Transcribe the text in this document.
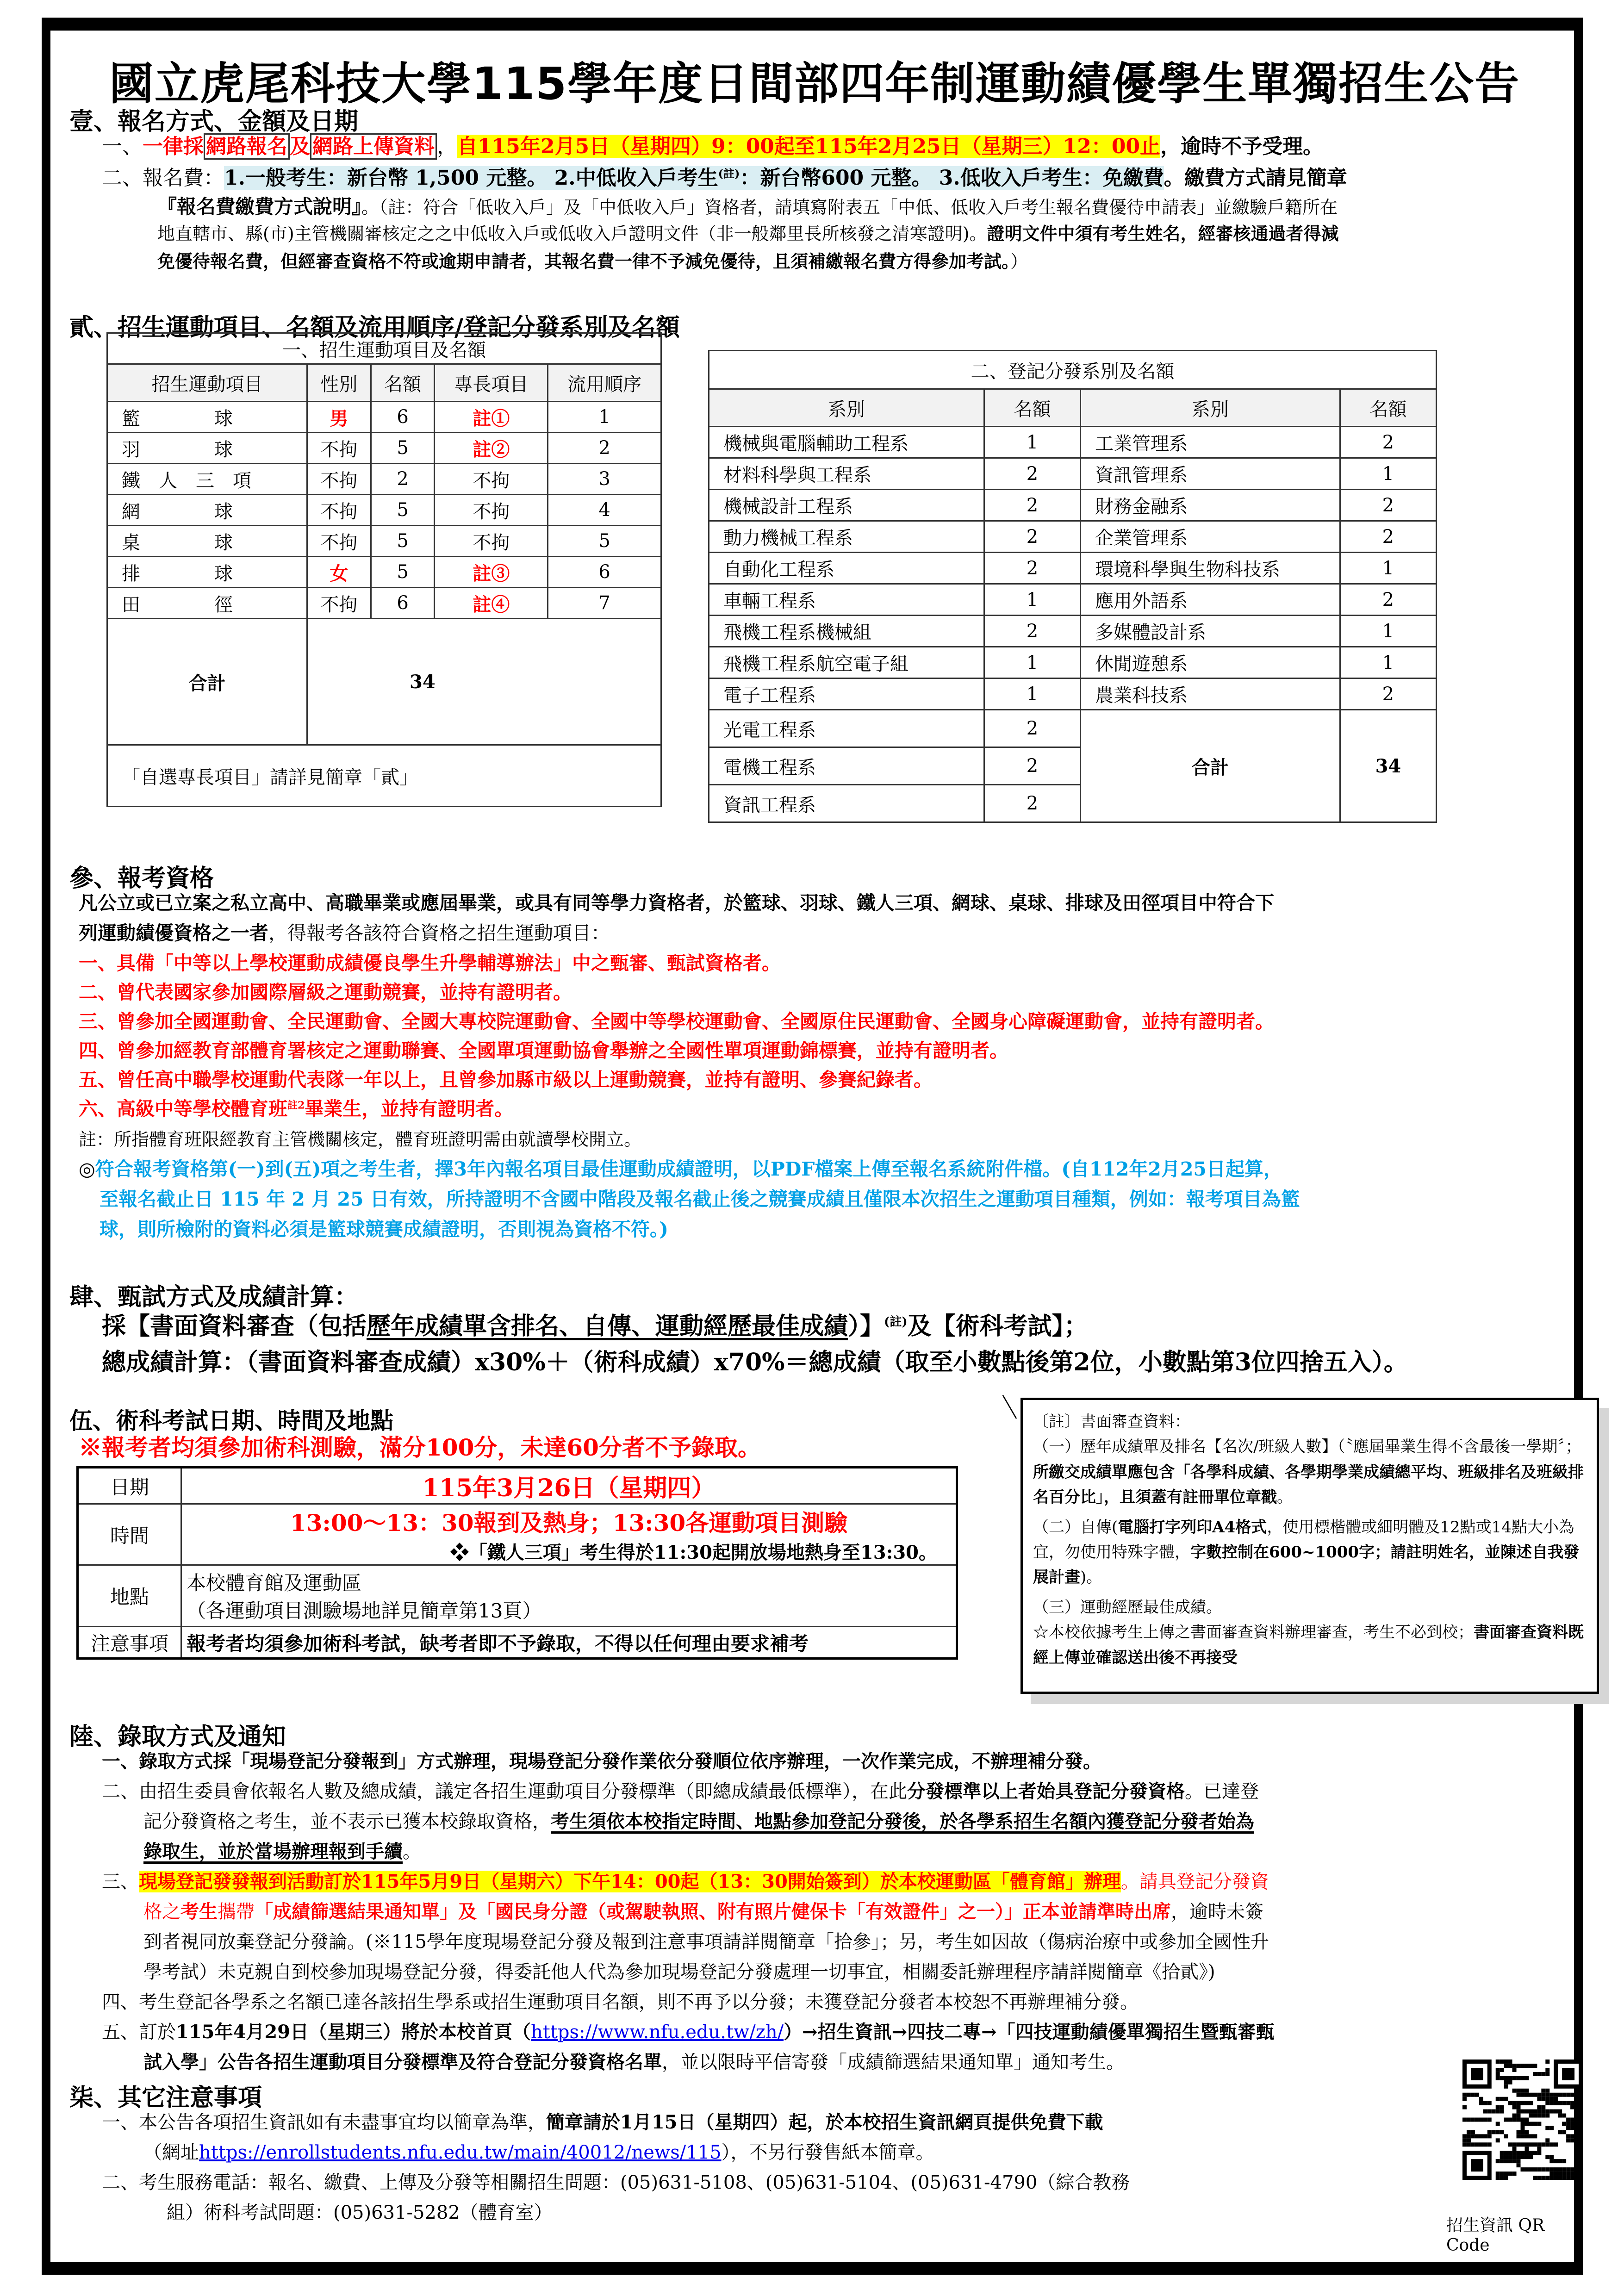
國立虎尾科技大學115學年度日間部四年制運動績優學生單獨招生公告
壹、報名方式、金額及日期
一、一律採 網路報名 及 網路上傳資料 ，自115年2月5日（星期四）9：00起至115年2月25日（星期三）12：00止，逾時不予受理。
二、報名費：1.一般考生：新台幣 1,500 元整。 2.中低收入戶考生$^{(註)}$：新台幣600 元整。 3.低收入戶考生：免繳費。繳費方式請見簡章
『報名費繳費方式說明』。（註：符合「低收入戶」及「中低收入戶」資格者，請填寫附表五「中低、低收入戶考生報名費優待申請表」並繳驗戶籍所在
地直轄市、縣(市)主管機關審核定之之中低收入戶或低收入戶證明文件（非一般鄰里長所核發之清寒證明)。證明文件中須有考生姓名，經審核通過者得減
免優待報名費，但經審查資格不符或逾期申請者，其報名費一律不予減免優待，且須補繳報名費方得參加考試。）
貳、招生運動項目、名額及流用順序/登記分發系別及名額
一、招生運動項目及名額				
招生運動項目	性別	名額	專長項目	流用順序
籃　　　　球	男	6	註①	1
羽　　　　球	不拘	5	註②	2
鐵　人　三　項	不拘	2	不拘	3
網　　　　球	不拘	5	不拘	4
桌　　　　球	不拘	5	不拘	5
排　　　　球	女	5	註③	6
田　　　　徑	不拘	6	註④	7
合計	34			
「自選專長項目」請詳見簡章「貳」				
二、登記分發系別及名額			
系別	名額	系別	名額
機械與電腦輔助工程系	1	工業管理系	2
材料科學與工程系	2	資訊管理系	1
機械設計工程系	2	財務金融系	2
動力機械工程系	2	企業管理系	2
自動化工程系	2	環境科學與生物科技系	1
車輛工程系	1	應用外語系	2
飛機工程系機械組	2	多媒體設計系	1
飛機工程系航空電子組	1	休閒遊憩系	1
電子工程系	1	農業科技系	2
光電工程系	2	合計	34
電機工程系	2		
資訊工程系	2		
參、報考資格
凡公立或已立案之私立高中、高職畢業或應屆畢業，或具有同等學力資格者，於籃球、羽球、鐵人三項、網球、桌球、排球及田徑項目中符合下
列運動績優資格之一者，得報考各該符合資格之招生運動項目：
一、具備「中等以上學校運動成績優良學生升學輔導辦法」中之甄審、甄試資格者。
二、曾代表國家參加國際層級之運動競賽，並持有證明者。
三、曾參加全國運動會、全民運動會、全國大專校院運動會、全國中等學校運動會、全國原住民運動會、全國身心障礙運動會，並持有證明者。
四、曾參加經教育部體育署核定之運動聯賽、全國單項運動協會舉辦之全國性單項運動錦標賽，並持有證明者。
五、曾任高中職學校運動代表隊一年以上，且曾參加縣市級以上運動競賽，並持有證明、參賽紀錄者。
六、高級中等學校體育班$^{註2}$畢業生，並持有證明者。
註：所指體育班限經教育主管機關核定，體育班證明需由就讀學校開立。
◎符合報考資格第(一)到(五)項之考生者，擇3年內報名項目最佳運動成績證明，以PDF檔案上傳至報名系統附件檔。(自112年2月25日起算，
至報名截止日 115 年 2 月 25 日有效，所持證明不含國中階段及報名截止後之競賽成績且僅限本次招生之運動項目種類，例如：報考項目為籃
球，則所檢附的資料必須是籃球競賽成績證明，否則視為資格不符。)
肆、甄試方式及成績計算：
採【書面資料審查（包括歷年成績單含排名、自傳、運動經歷最佳成績）】$^{(註)}$及【術科考試】；
總成績計算：（書面資料審查成績）x30%＋（術科成績）x70%＝總成績（取至小數點後第2位，小數點第3位四捨五入）。
伍、術科考試日期、時間及地點
※報考者均須參加術科測驗，滿分100分，未達60分者不予錄取。
日期	115年3月26日（星期四）
時間	13:00～13：30報到及熱身；13:30各運動項目測驗
❖「鐵人三項」考生得於11:30起開放場地熱身至13:30。

地點	本校體育館及運動區
（各運動項目測驗場地詳見簡章第13頁）

注意事項	報考者均須參加術科考試，缺考者即不予錄取，不得以任何理由要求補考
〔註〕書面審查資料：
（一）歷年成績單及排名【名次/班級人數】（〝應屆畢業生得不含最後一學期〞；所繳交成績單應包含「各學科成績、各學期學業成績總平均、班級排名及班級排名百分比」，且須蓋有註冊單位章戳。
（二）自傳(電腦打字列印A4格式，使用標楷體或細明體及12點或14點大小為宜，勿使用特殊字體，字數控制在600~1000字；請註明姓名，並陳述自我發展計畫)。
（三）運動經歷最佳成績。
☆本校依據考生上傳之書面審查資料辦理審查，考生不必到校；書面審查資料既經上傳並確認送出後不再接受
陸、錄取方式及通知
一、錄取方式採「現場登記分發報到」方式辦理，現場登記分發作業依分發順位依序辦理，一次作業完成，不辦理補分發。
二、由招生委員會依報名人數及總成績，議定各招生運動項目分發標準（即總成績最低標準），在此分發標準以上者始具登記分發資格。已達登
記分發資格之考生，並不表示已獲本校錄取資格，考生須依本校指定時間、地點參加登記分發後，於各學系招生名額內獲登記分發者始為
錄取生，並於當場辦理報到手續。
三、現場登記發發報到活動訂於115年5月9日（星期六）下午14：00起（13：30開始簽到）於本校運動區「體育館」辦理。請具登記分發資
格之考生攜帶「成績篩選結果通知單」及「國民身分證（或駕駛執照、附有照片健保卡「有效證件」之一）」正本並請準時出席，逾時未簽
到者視同放棄登記分發論。(※115學年度現場登記分發及報到注意事項請詳閱簡章「拾參」；另，考生如因故（傷病治療中或參加全國性升
學考試）未克親自到校參加現場登記分發，得委託他人代為參加現場登記分發處理一切事宜，相關委託辦理程序請詳閱簡章《拾貳》)
四、考生登記各學系之名額已達各該招生學系或招生運動項目名額，則不再予以分發；未獲登記分發者本校恕不再辦理補分發。
五、訂於115年4月29日（星期三）將於本校首頁（https://www.nfu.edu.tw/zh/）→招生資訊→四技二專→「四技運動績優單獨招生暨甄審甄
試入學」公告各招生運動項目分發標準及符合登記分發資格名單，並以限時平信寄發「成績篩選結果通知單」通知考生。
柒、其它注意事項
一、本公告各項招生資訊如有未盡事宜均以簡章為準，簡章請於1月15日（星期四）起，於本校招生資訊網頁提供免費下載
（網址https://enrollstudents.nfu.edu.tw/main/40012/news/115），不另行發售紙本簡章。
二、考生服務電話：報名、繳費、上傳及分發等相關招生問題：(05)631-5108、(05)631-5104、(05)631-4790（綜合教務
組）術科考試問題：(05)631-5282（體育室）
招生資訊 QR Code
